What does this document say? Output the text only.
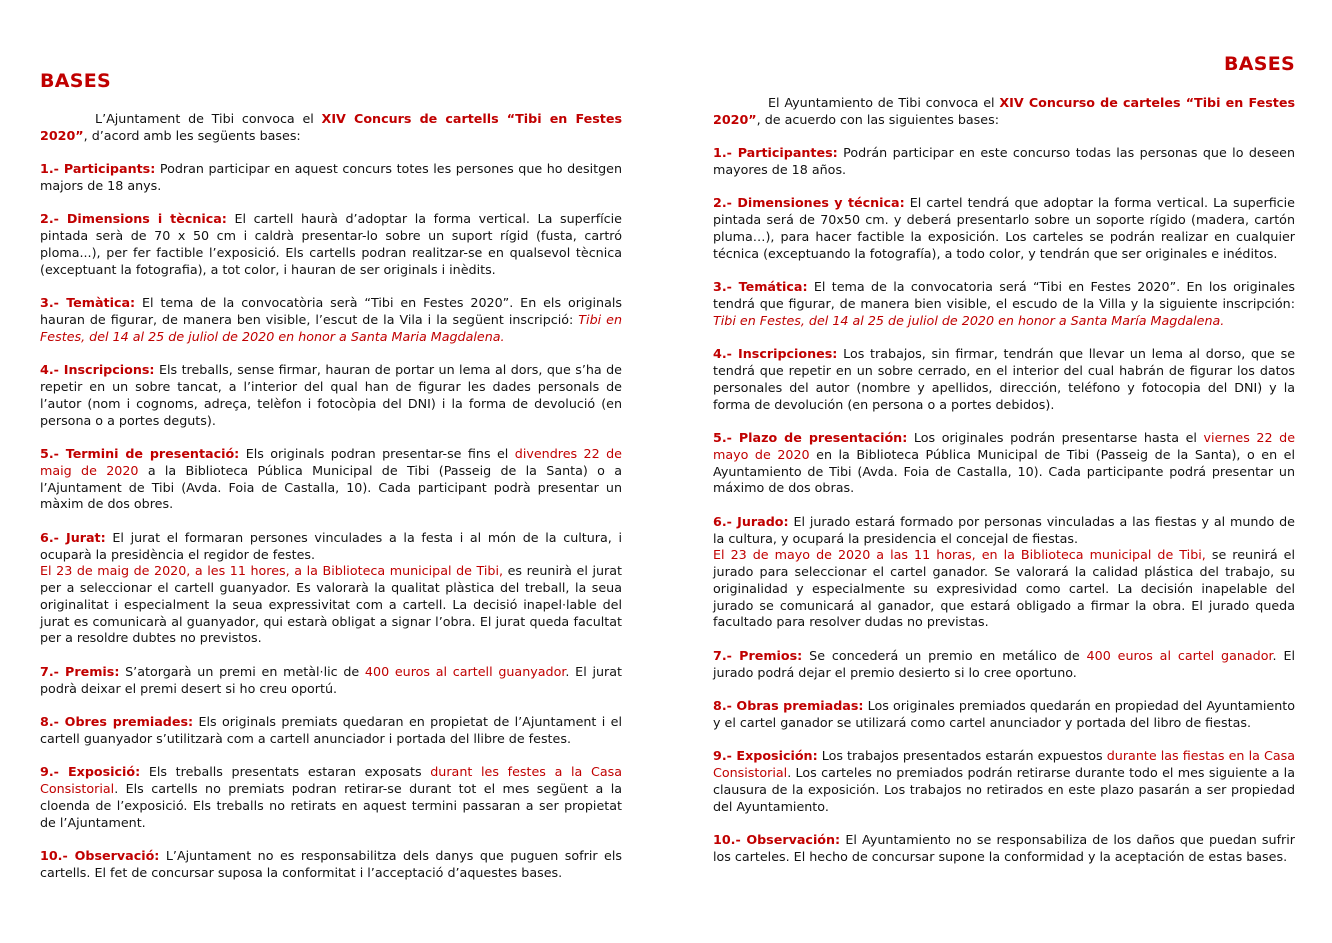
BASES

L’Ajuntament de Tibi convoca el XIV Concurs de cartells “Tibi en Festes 2020”, d’acord amb les següents bases:

1.- Participants: Podran participar en aquest concurs totes les persones que ho desitgen majors de 18 anys.

2.- Dimensions i tècnica: El cartell haurà d’adoptar la forma vertical. La superfície pintada serà de 70 x 50 cm i caldrà presentar-lo sobre un suport rígid (fusta, cartró ploma...), per fer factible l’exposició. Els cartells podran realitzar-se en qualsevol tècnica (exceptuant la fotografia), a tot color, i hauran de ser originals i inèdits.

3.- Temàtica: El tema de la convocatòria serà “Tibi en Festes 2020”. En els originals hauran de figurar, de manera ben visible, l’escut de la Vila i la següent inscripció: Tibi en Festes, del 14 al 25 de juliol de 2020 en honor a Santa Maria Magdalena.

4.- Inscripcions: Els treballs, sense firmar, hauran de portar un lema al dors, que s’ha de repetir en un sobre tancat, a l’interior del qual han de figurar les dades personals de l’autor (nom i cognoms, adreça, telèfon i fotocòpia del DNI) i la forma de devolució (en persona o a portes deguts).

5.- Termini de presentació: Els originals podran presentar-se fins el divendres 22 de maig de 2020 a la Biblioteca Pública Municipal de Tibi (Passeig de la Santa) o a l’Ajuntament de Tibi (Avda. Foia de Castalla, 10). Cada participant podrà presentar un màxim de dos obres.

6.- Jurat: El jurat el formaran persones vinculades a la festa i al món de la cultura, i ocuparà la presidència el regidor de festes.
El 23 de maig de 2020, a les 11 hores, a la Biblioteca municipal de Tibi, es reunirà el jurat per a seleccionar el cartell guanyador. Es valorarà la qualitat plàstica del treball, la seua originalitat i especialment la seua expressivitat com a cartell. La decisió inapel·lable del jurat es comunicarà al guanyador, qui estarà obligat a signar l’obra. El jurat queda facultat per a resoldre dubtes no previstos.

7.- Premis: S’atorgarà un premi en metàl·lic de 400 euros al cartell guanyador. El jurat podrà deixar el premi desert si ho creu oportú.

8.- Obres premiades: Els originals premiats quedaran en propietat de l’Ajuntament i el cartell guanyador s’utilitzarà com a cartell anunciador i portada del llibre de festes.

9.- Exposició: Els treballs presentats estaran exposats durant les festes a la Casa Consistorial. Els cartells no premiats podran retirar-se durant tot el mes següent a la cloenda de l’exposició. Els treballs no retirats en aquest termini passaran a ser propietat de l’Ajuntament.

10.- Observació: L’Ajuntament no es responsabilitza dels danys que puguen sofrir els cartells. El fet de concursar suposa la conformitat i l’acceptació d’aquestes bases.

BASES

El Ayuntamiento de Tibi convoca el XIV Concurso de carteles “Tibi en Festes 2020”, de acuerdo con las siguientes bases:

1.- Participantes: Podrán participar en este concurso todas las personas que lo deseen mayores de 18 años.

2.- Dimensiones y técnica: El cartel tendrá que adoptar la forma vertical. La superficie pintada será de 70x50 cm. y deberá presentarlo sobre un soporte rígido (madera, cartón pluma…), para hacer factible la exposición. Los carteles se podrán realizar en cualquier técnica (exceptuando la fotografía), a todo color, y tendrán que ser originales e inéditos.

3.- Temática: El tema de la convocatoria será “Tibi en Festes 2020”. En los originales tendrá que figurar, de manera bien visible, el escudo de la Villa y la siguiente inscripción: Tibi en Festes, del 14 al 25 de juliol de 2020 en honor a Santa María Magdalena.

4.- Inscripciones: Los trabajos, sin firmar, tendrán que llevar un lema al dorso, que se tendrá que repetir en un sobre cerrado, en el interior del cual habrán de figurar los datos personales del autor (nombre y apellidos, dirección, teléfono y fotocopia del DNI) y la forma de devolución (en persona o a portes debidos).

5.- Plazo de presentación: Los originales podrán presentarse hasta el viernes 22 de mayo de 2020 en la Biblioteca Pública Municipal de Tibi (Passeig de la Santa), o en el Ayuntamiento de Tibi (Avda. Foia de Castalla, 10). Cada participante podrá presentar un máximo de dos obras.

6.- Jurado: El jurado estará formado por personas vinculadas a las fiestas y al mundo de la cultura, y ocupará la presidencia el concejal de fiestas.
El 23 de mayo de 2020 a las 11 horas, en la Biblioteca municipal de Tibi, se reunirá el jurado para seleccionar el cartel ganador. Se valorará la calidad plástica del trabajo, su originalidad y especialmente su expresividad como cartel. La decisión inapelable del jurado se comunicará al ganador, que estará obligado a firmar la obra. El jurado queda facultado para resolver dudas no previstas.

7.- Premios: Se concederá un premio en metálico de 400 euros al cartel ganador. El jurado podrá dejar el premio desierto si lo cree oportuno.

8.- Obras premiadas: Los originales premiados quedarán en propiedad del Ayuntamiento y el cartel ganador se utilizará como cartel anunciador y portada del libro de fiestas.

9.- Exposición: Los trabajos presentados estarán expuestos durante las fiestas en la Casa Consistorial. Los carteles no premiados podrán retirarse durante todo el mes siguiente a la clausura de la exposición. Los trabajos no retirados en este plazo pasarán a ser propiedad del Ayuntamiento.

10.- Observación: El Ayuntamiento no se responsabiliza de los daños que puedan sufrir los carteles. El hecho de concursar supone la conformidad y la aceptación de estas bases.
